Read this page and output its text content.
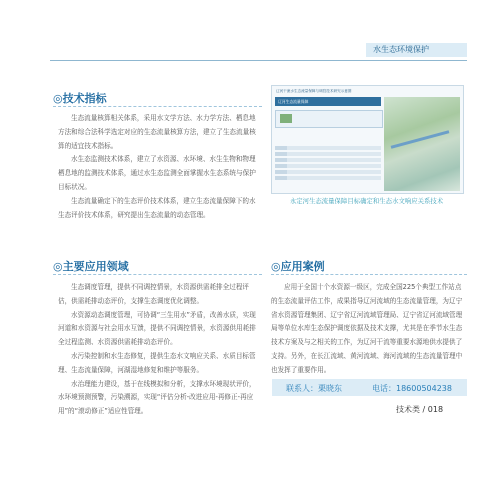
水生态环境保护
◎技术指标

生态流量核算相关体系，采用水文学方法、水力学方法、栖息地方法和综合法科学选定对应的生态流量核算方法，建立了生态流量核算的适宜技术指标。

水生态监测技术体系，建立了水资源、水环境、水生生物和物理栖息地的监测技术体系，通过水生态监测全面掌握水生态系统与保护目标状况。

生态流量确定下的生态评价技术体系，建立生态流量保障下的水生态评价技术体系，研究提出生态流量的动态管理。

辽河干流水生态流量保障与调控技术研究示意图
辽河生态流量保障
永定河生态流量保障目标确定和生态水文响应关系技术
◎主要应用领域

生态调度管理，提供不同调控情景，水资源供需耗排全过程评估，供需耗排动态评价，支撑生态调度优化调整。

水资源动态调度管理，可协调“三生用水”矛盾，改善水质，实现河道和水资源与社会用水互馈，提供不同调控情景，水资源供用耗排全过程监测、水资源供需耗排动态评价。

水污染控制和水生态修复，提供生态水文响应关系、水质目标管理、生态流量保障，河湖湿地修复和维护等服务。

水治理能力建设，基于在线模拟和分析，支撑水环境现状评价，水环境预测预警，污染溯源，实现“评估分析-改进应用-再修正-再应用”的“滚动修正”适应性管理。

◎应用案例

应用于全国十个水资源一级区，完成全国225个典型工作站点的生态流量评估工作，成果指导辽河流域的生态流量管理，为辽宁省水资源管理集团、辽宁省辽河流域管理局、辽宁省辽河流域管理局等单位水库生态保护调度依据及技术支撑，尤其是在季节水生态技术方案及与之相关的工作，为辽河干流等重要水源地供水提供了支持。另外，在长江流域、黄河流域、海河流域的生态流量管理中也发挥了重要作用。

联系人：栗晓东	电话：18600504238
技术类 / 018
